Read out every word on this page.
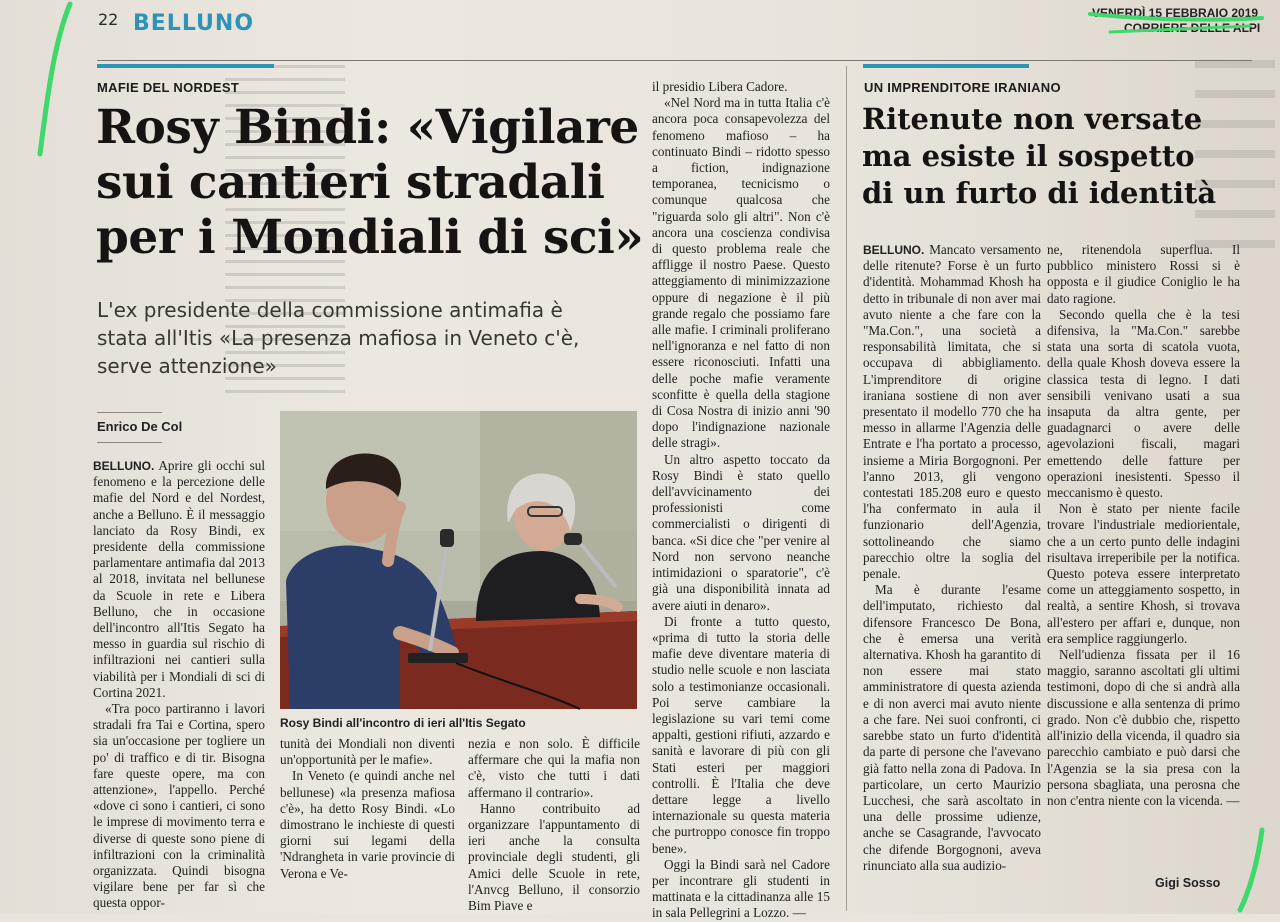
22 BELLUNO	VENERDÌ 15 FEBBRAIO 2019
CORRIERE DELLE ALPI
MAFIE DEL NORDEST
Rosy Bindi: «Vigilare
sui cantieri stradali
per i Mondiali di sci»
L'ex presidente della commissione antimafia è stata all'Itis «La presenza mafiosa in Veneto c'è, serve attenzione»
Enrico De Col

BELLUNO. Aprire gli occhi sul fenomeno e la percezione delle mafie del Nord e del Nordest, anche a Belluno. È il messaggio lanciato da Rosy Bindi, ex presidente della commissione parlamentare antimafia dal 2013 al 2018, invitata nel bellunese da Scuole in rete e Libera Belluno, che in occasione dell'incontro all'Itis Segato ha messo in guardia sul rischio di infiltrazioni nei cantieri sulla viabilità per i Mondiali di sci di Cortina 2021.

«Tra poco partiranno i lavori stradali fra Tai e Cortina, spero sia un'occasione per togliere un po' di traffico e di tir. Bisogna fare queste opere, ma con attenzione», l'appello. Perché «dove ci sono i cantieri, ci sono le imprese di movimento terra e diverse di queste sono piene di infiltrazioni con la criminalità organizzata. Quindi bisogna vigilare bene per far sì che questa oppor-

Rosy Bindi all'incontro di ieri all'Itis Segato

tunità dei Mondiali non diventi un'opportunità per le mafie».

In Veneto (e quindi anche nel bellunese) «la presenza mafiosa c'è», ha detto Rosy Bindi. «Lo dimostrano le inchieste di questi giorni sui legami della 'Ndrangheta in varie provincie di Verona e Ve-

nezia e non solo. È difficile affermare che qui la mafia non c'è, visto che tutti i dati affermano il contrario».

Hanno contribuito ad organizzare l'appuntamento di ieri anche la consulta provinciale degli studenti, gli Amici delle Scuole in rete, l'Anvcg Belluno, il consorzio Bim Piave e

il presidio Libera Cadore.

«Nel Nord ma in tutta Italia c'è ancora poca consapevolezza del fenomeno mafioso – ha continuato Bindi – ridotto spesso a fiction, indignazione temporanea, tecnicismo o comunque qualcosa che "riguarda solo gli altri". Non c'è ancora una coscienza condivisa di questo problema reale che affligge il nostro Paese. Questo atteggiamento di minimizzazione oppure di negazione è il più grande regalo che possiamo fare alle mafie. I criminali proliferano nell'ignoranza e nel fatto di non essere riconosciuti. Infatti una delle poche mafie veramente sconfitte è quella della stagione di Cosa Nostra di inizio anni '90 dopo l'indignazione nazionale delle stragi».

Un altro aspetto toccato da Rosy Bindi è stato quello dell'avvicinamento dei professionisti come commercialisti o dirigenti di banca. «Si dice che "per venire al Nord non servono neanche intimidazioni o sparatorie", c'è già una disponibilità innata ad avere aiuti in denaro».

Di fronte a tutto questo, «prima di tutto la storia delle mafie deve diventare materia di studio nelle scuole e non lasciata solo a testimonianze occasionali. Poi serve cambiare la legislazione su vari temi come appalti, gestioni rifiuti, azzardo e sanità e lavorare di più con gli Stati esteri per maggiori controlli. È l'Italia che deve dettare legge a livello internazionale su questa materia che purtroppo conosce fin troppo bene».

Oggi la Bindi sarà nel Cadore per incontrare gli studenti in mattinata e la cittadinanza alle 15 in sala Pellegrini a Lozzo. —

UN IMPRENDITORE IRANIANO
Ritenute non versate
ma esiste il sospetto
di un furto di identità

BELLUNO. Mancato versamento delle ritenute? Forse è un furto d'identità. Mohammad Khosh ha detto in tribunale di non aver mai avuto niente a che fare con la "Ma.Con.", una società a responsabilità limitata, che si occupava di abbigliamento. L'imprenditore di origine iraniana sostiene di non aver presentato il modello 770 che ha messo in allarme l'Agenzia delle Entrate e l'ha portato a processo, insieme a Miria Borgognoni. Per l'anno 2013, gli vengono contestati 185.208 euro e questo l'ha confermato in aula il funzionario dell'Agenzia, sottolineando che siamo parecchio oltre la soglia del penale.

Ma è durante l'esame dell'imputato, richiesto dal difensore Francesco De Bona, che è emersa una verità alternativa. Khosh ha garantito di non essere mai stato amministratore di questa azienda e di non averci mai avuto niente a che fare. Nei suoi confronti, ci sarebbe stato un furto d'identità da parte di persone che l'avevano già fatto nella zona di Padova. In particolare, un certo Maurizio Lucchesi, che sarà ascoltato in una delle prossime udienze, anche se Casagrande, l'avvocato che difende Borgognoni, aveva rinunciato alla sua audizio-

ne, ritenendola superflua. Il pubblico ministero Rossi si è opposta e il giudice Coniglio le ha dato ragione.

Secondo quella che è la tesi difensiva, la "Ma.Con." sarebbe stata una sorta di scatola vuota, della quale Khosh doveva essere la classica testa di legno. I dati sensibili venivano usati a sua insaputa da altra gente, per guadagnarci o avere delle agevolazioni fiscali, magari emettendo delle fatture per operazioni inesistenti. Spesso il meccanismo è questo.

Non è stato per niente facile trovare l'industriale mediorientale, che a un certo punto delle indagini risultava irreperibile per la notifica. Questo poteva essere interpretato come un atteggiamento sospetto, in realtà, a sentire Khosh, si trovava all'estero per affari e, dunque, non era semplice raggiungerlo.

Nell'udienza fissata per il 16 maggio, saranno ascoltati gli ultimi testimoni, dopo di che si andrà alla discussione e alla sentenza di primo grado. Non c'è dubbio che, rispetto all'inizio della vicenda, il quadro sia parecchio cambiato e può darsi che l'Agenzia se la sia presa con la persona sbagliata, una perosna che non c'entra niente con la vicenda. —

Gigi Sosso
